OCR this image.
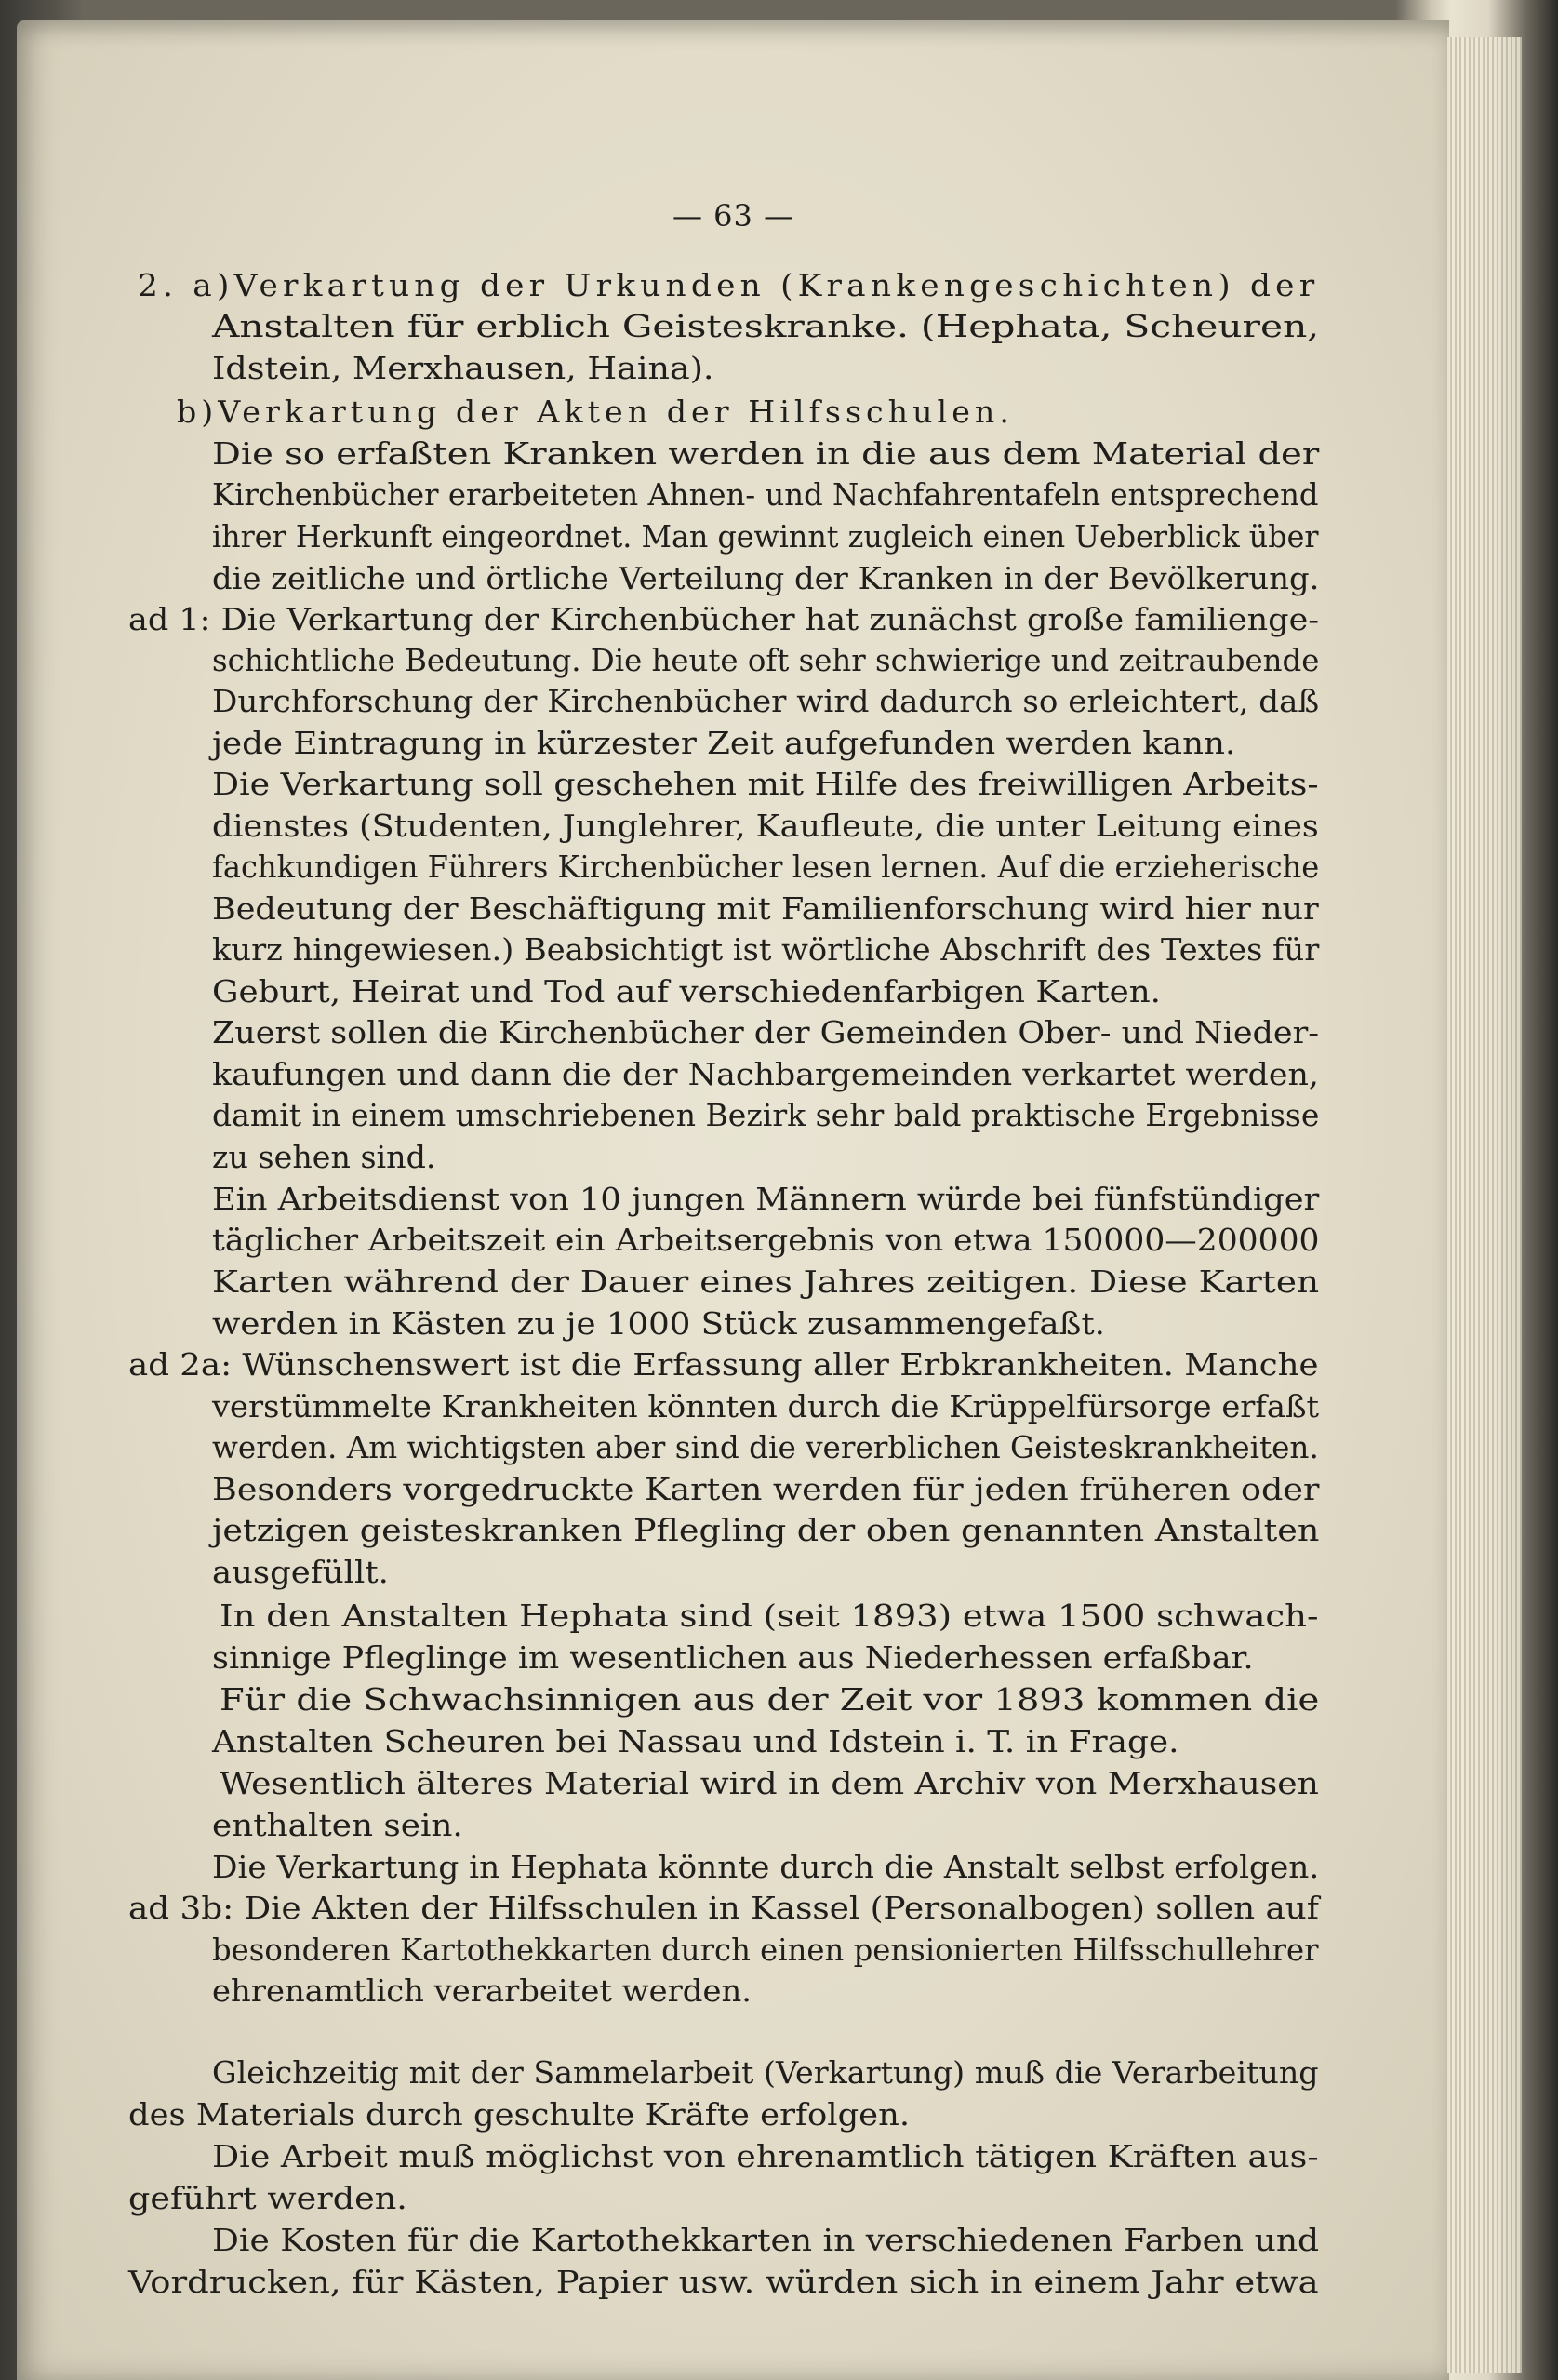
— 63 —
2. a)Verkartung der Urkunden (Krankengeschichten) der
Anstalten für erblich Geisteskranke. (Hephata, Scheuren,
Idstein, Merxhausen, Haina).
b)Verkartung der Akten der Hilfsschulen.
Die so erfaßten Kranken werden in die aus dem Material der
Kirchenbücher erarbeiteten Ahnen- und Nachfahrentafeln entsprechend
ihrer Herkunft eingeordnet. Man gewinnt zugleich einen Ueberblick über
die zeitliche und örtliche Verteilung der Kranken in der Bevölkerung.
ad 1: Die Verkartung der Kirchenbücher hat zunächst große familienge-
schichtliche Bedeutung. Die heute oft sehr schwierige und zeitraubende
Durchforschung der Kirchenbücher wird dadurch so erleichtert, daß
jede Eintragung in kürzester Zeit aufgefunden werden kann.
Die Verkartung soll geschehen mit Hilfe des freiwilligen Arbeits-
dienstes (Studenten, Junglehrer, Kaufleute, die unter Leitung eines
fachkundigen Führers Kirchenbücher lesen lernen. Auf die erzieherische
Bedeutung der Beschäftigung mit Familienforschung wird hier nur
kurz hingewiesen.) Beabsichtigt ist wörtliche Abschrift des Textes für
Geburt, Heirat und Tod auf verschiedenfarbigen Karten.
Zuerst sollen die Kirchenbücher der Gemeinden Ober- und Nieder-
kaufungen und dann die der Nachbargemeinden verkartet werden,
damit in einem umschriebenen Bezirk sehr bald praktische Ergebnisse
zu sehen sind.
Ein Arbeitsdienst von 10 jungen Männern würde bei fünfstündiger
täglicher Arbeitszeit ein Arbeitsergebnis von etwa 150000—200000
Karten während der Dauer eines Jahres zeitigen. Diese Karten
werden in Kästen zu je 1000 Stück zusammengefaßt.
ad 2a: Wünschenswert ist die Erfassung aller Erbkrankheiten. Manche
verstümmelte Krankheiten könnten durch die Krüppelfürsorge erfaßt
werden. Am wichtigsten aber sind die vererblichen Geisteskrankheiten.
Besonders vorgedruckte Karten werden für jeden früheren oder
jetzigen geisteskranken Pflegling der oben genannten Anstalten
ausgefüllt.
In den Anstalten Hephata sind (seit 1893) etwa 1500 schwach-
sinnige Pfleglinge im wesentlichen aus Niederhessen erfaßbar.
Für die Schwachsinnigen aus der Zeit vor 1893 kommen die
Anstalten Scheuren bei Nassau und Idstein i. T. in Frage.
Wesentlich älteres Material wird in dem Archiv von Merxhausen
enthalten sein.
Die Verkartung in Hephata könnte durch die Anstalt selbst erfolgen.
ad 3b: Die Akten der Hilfsschulen in Kassel (Personalbogen) sollen auf
besonderen Kartothekkarten durch einen pensionierten Hilfsschullehrer
ehrenamtlich verarbeitet werden.
Gleichzeitig mit der Sammelarbeit (Verkartung) muß die Verarbeitung
des Materials durch geschulte Kräfte erfolgen.
Die Arbeit muß möglichst von ehrenamtlich tätigen Kräften aus-
geführt werden.
Die Kosten für die Kartothekkarten in verschiedenen Farben und
Vordrucken, für Kästen, Papier usw. würden sich in einem Jahr etwa
